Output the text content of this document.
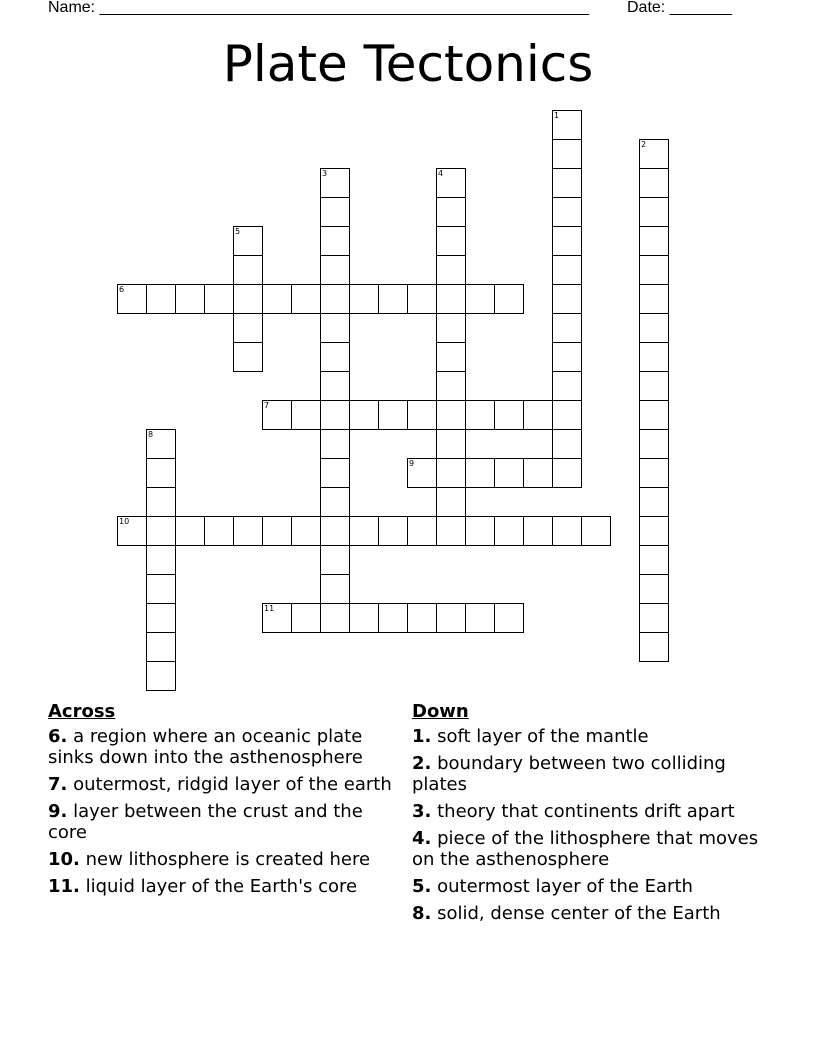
Name: _______________________________________________________ Date: _______
Plate Tectonics
1
2
3	4
5
6
7
8
9
10
11
Across
6. a region where an oceanic plate sinks down into the asthenosphere
7. outermost, ridgid layer of the earth
9. layer between the crust and the core
10. new lithosphere is created here
11. liquid layer of the Earth's core
Down
1. soft layer of the mantle
2. boundary between two colliding plates
3. theory that continents drift apart
4. piece of the lithosphere that moves on the asthenosphere
5. outermost layer of the Earth
8. solid, dense center of the Earth
